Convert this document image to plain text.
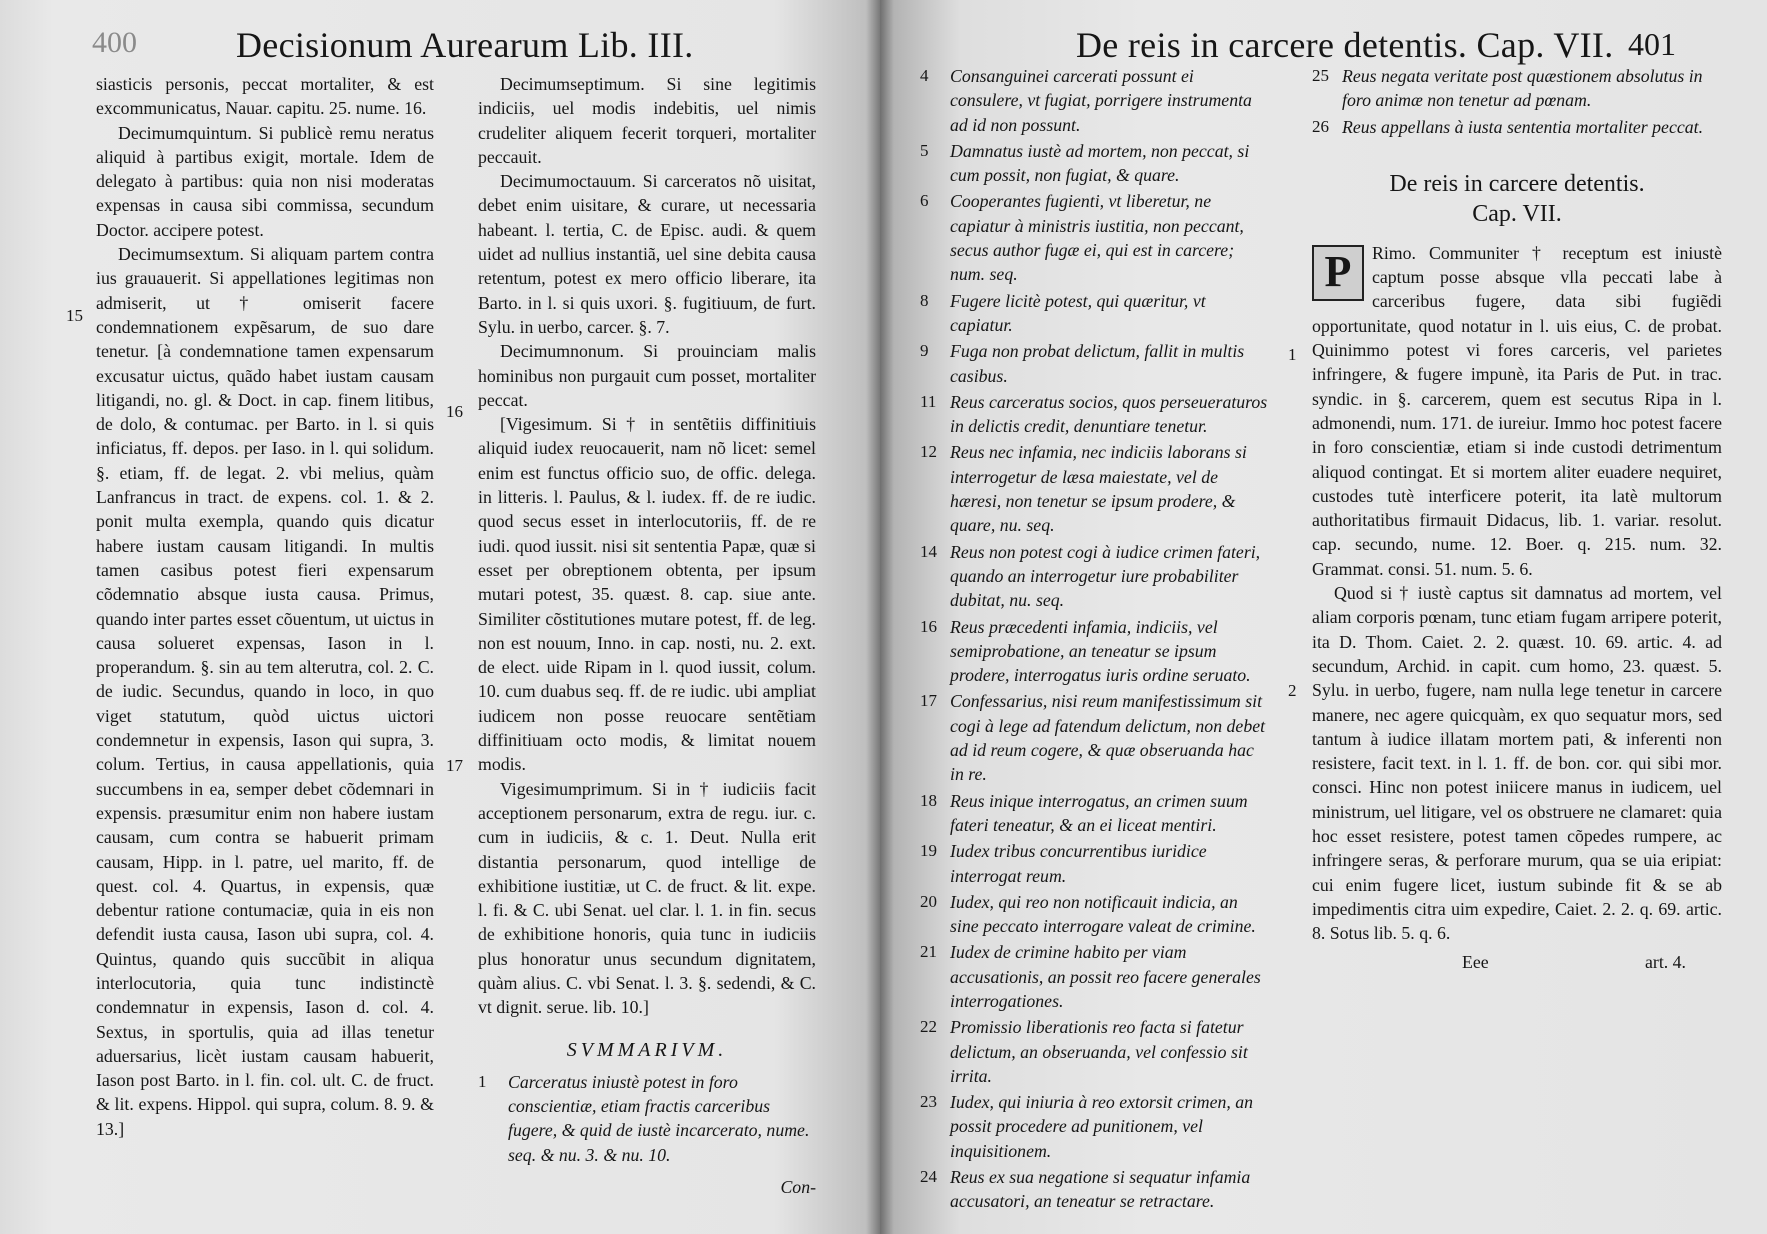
400	Decisionum Aurearum Lib. III.

siasticis personis, peccat mortaliter, & est excommunicatus, Nauar. capitu. 25. nume. 16.

Decimumquintum. Si publicè remu neratus aliquid à partibus exigit, mortale. Idem de delegato à partibus: quia non nisi moderatas expensas in causa sibi commissa, secundum Doctor. accipere potest.

Decimumsextum. Si aliquam partem contra ius grauauerit. Si appellationes legitimas non admiserit, ut † omiserit facere condemnationem expẽsarum, de suo dare tenetur. [à condemnatione tamen expensarum excusatur uictus, quãdo habet iustam causam litigandi, no. gl. & Doct. in cap. finem litibus, de dolo, & contumac. per Barto. in l. si quis inficiatus, ff. depos. per Iaso. in l. qui solidum. §. etiam, ff. de legat. 2. vbi melius, quàm Lanfrancus in tract. de expens. col. 1. & 2. ponit multa exempla, quando quis dicatur habere iustam causam litigandi. In multis tamen casibus potest fieri expensarum cõdemnatio absque iusta causa. Primus, quando inter partes esset cõuentum, ut uictus in causa solueret expensas, Iason in l. properandum. §. sin au tem alterutra, col. 2. C. de iudic. Secundus, quando in loco, in quo viget statutum, quòd uictus uictori condemnetur in expensis, Iason qui supra, 3. colum. Tertius, in causa appellationis, quia succumbens in ea, semper debet cõdemnari in expensis. præsumitur enim non habere iustam causam, cum contra se habuerit primam causam, Hipp. in l. patre, uel marito, ff. de quest. col. 4. Quartus, in expensis, quæ debentur ratione contumaciæ, quia in eis non defendit iusta causa, Iason ubi supra, col. 4. Quintus, quando quis succũbit in aliqua interlocutoria, quia tunc indistinctè condemnatur in expensis, Iason d. col. 4. Sextus, in sportulis, quia ad illas tenetur aduersarius, licèt iustam causam habuerit, Iason post Barto. in l. fin. col. ult. C. de fruct. & lit. expens. Hippol. qui supra, colum. 8. 9. & 13.]

15

Decimumseptimum. Si sine legitimis indiciis, uel modis indebitis, uel nimis crudeliter aliquem fecerit torqueri, mortaliter peccauit.

Decimumoctauum. Si carceratos nõ uisitat, debet enim uisitare, & curare, ut necessaria habeant. l. tertia, C. de Episc. audi. & quem uidet ad nullius instantiã, uel sine debita causa retentum, potest ex mero officio liberare, ita Barto. in l. si quis uxori. §. fugitiuum, de furt. Sylu. in uerbo, carcer. §. 7.

Decimumnonum. Si prouinciam malis hominibus non purgauit cum posset, mortaliter peccat.

[Vigesimum. Si † in sentẽtiis diffinitiuis aliquid iudex reuocauerit, nam nõ licet: semel enim est functus officio suo, de offic. delega. in litteris. l. Paulus, & l. iudex. ff. de re iudic. quod secus esset in interlocutoriis, ff. de re iudi. quod iussit. nisi sit sententia Papæ, quæ si esset per obreptionem obtenta, per ipsum mutari potest, 35. quæst. 8. cap. siue ante. Similiter cõstitutiones mutare potest, ff. de leg. non est nouum, Inno. in cap. nosti, nu. 2. ext. de elect. uide Ripam in l. quod iussit, colum. 10. cum duabus seq. ff. de re iudic. ubi ampliat iudicem non posse reuocare sentẽtiam diffinitiuam octo modis, & limitat nouem modis.

Vigesimumprimum. Si in † iudiciis facit acceptionem personarum, extra de regu. iur. c. cum in iudiciis, & c. 1. Deut. Nulla erit distantia personarum, quod intellige de exhibitione iustitiæ, ut C. de fruct. & lit. expe. l. fi. & C. ubi Senat. uel clar. l. 1. in fin. secus de exhibitione honoris, quia tunc in iudiciis plus honoratur unus secundum dignitatem, quàm alius. C. vbi Senat. l. 3. §. sedendi, & C. vt dignit. serue. lib. 10.]

SVMMARIVM.
1	Carceratus iniustè potest in foro conscientiæ, etiam fractis carceribus fugere, & quid de iustè incarcerato, nume. seq. & nu. 3. & nu. 10.
Con-
16
17
De reis in carcere detentis. Cap. VII. 401
4	Consanguinei carcerati possunt ei consulere, vt fugiat, porrigere instrumenta ad id non possunt.
5	Damnatus iustè ad mortem, non peccat, si cum possit, non fugiat, & quare.
6	Cooperantes fugienti, vt liberetur, ne capiatur à ministris iustitia, non peccant, secus author fugæ ei, qui est in carcere; num. seq.
8	Fugere licitè potest, qui quæritur, vt capiatur.
9	Fuga non probat delictum, fallit in multis casibus.
11 Reus carceratus socios, quos perseueraturos in delictis credit, denuntiare tenetur.
12 Reus nec infamia, nec indiciis laborans si interrogetur de læsa maiestate, vel de hæresi, non tenetur se ipsum prodere, & quare, nu. seq.
14 Reus non potest cogi à iudice crimen fateri, quando an interrogetur iure probabiliter dubitat, nu. seq.
16 Reus præcedenti infamia, indiciis, vel semiprobatione, an teneatur se ipsum prodere, interrogatus iuris ordine seruato.
17 Confessarius, nisi reum manifestissimum sit cogi à lege ad fatendum delictum, non debet ad id reum cogere, & quæ obseruanda hac in re.
18 Reus inique interrogatus, an crimen suum fateri teneatur, & an ei liceat mentiri.
19 Iudex tribus concurrentibus iuridice interrogat reum.
20 Iudex, qui reo non notificauit indicia, an sine peccato interrogare valeat de crimine.
21 Iudex de crimine habito per viam accusationis, an possit reo facere generales interrogationes.
22 Promissio liberationis reo facta si fatetur delictum, an obseruanda, vel confessio sit irrita.
23 Iudex, qui iniuria à reo extorsit crimen, an possit procedere ad punitionem, vel inquisitionem.
24 Reus ex sua negatione si sequatur infamia accusatori, an teneatur se retractare.
25 Reus negata veritate post quæstionem absolutus in foro animæ non tenetur ad pœnam.
26 Reus appellans à iusta sententia mortaliter peccat.
De reis in carcere detentis.
Cap. VII.

P	Rimo. Communiter † receptum est iniustè captum posse absque vlla peccati labe à carceribus fugere, data sibi fugiẽdi opportunitate, quod notatur in l. uis eius, C. de probat. Quinimmo potest vi fores carceris, vel parietes infringere, & fugere impunè, ita Paris de Put. in trac. syndic. in §. carcerem, quem est secutus Ripa in l. admonendi, num. 171. de iureiur. Immo hoc potest facere in foro conscientiæ, etiam si inde custodi detrimentum aliquod contingat. Et si mortem aliter euadere nequiret, custodes tutè interficere poterit, ita latè multorum authoritatibus firmauit Didacus, lib. 1. variar. resolut. cap. secundo, nume. 12. Boer. q. 215. num. 32. Grammat. consi. 51. num. 5. 6.

Quod si † iustè captus sit damnatus ad mortem, vel aliam corporis pœnam, tunc etiam fugam arripere poterit, ita D. Thom. Caiet. 2. 2. quæst. 10. 69. artic. 4. ad secundum, Archid. in capit. cum homo, 23. quæst. 5. Sylu. in uerbo, fugere, nam nulla lege tenetur in carcere manere, nec agere quicquàm, ex quo sequatur mors, sed tantum à iudice illatam mortem pati, & inferenti non resistere, facit text. in l. 1. ff. de bon. cor. qui sibi mor. consci. Hinc non potest iniicere manus in iudicem, uel ministrum, uel litigare, vel os obstruere ne clamaret: quia hoc esset resistere, potest tamen cõpedes rumpere, ac infringere seras, & perforare murum, qua se uia eripiat: cui enim fugere licet, iustum subinde fit & se ab impedimentis citra uim expedire, Caiet. 2. 2. q. 69. artic. 8. Sotus lib. 5. q. 6.

Eee	art. 4.
1
2
